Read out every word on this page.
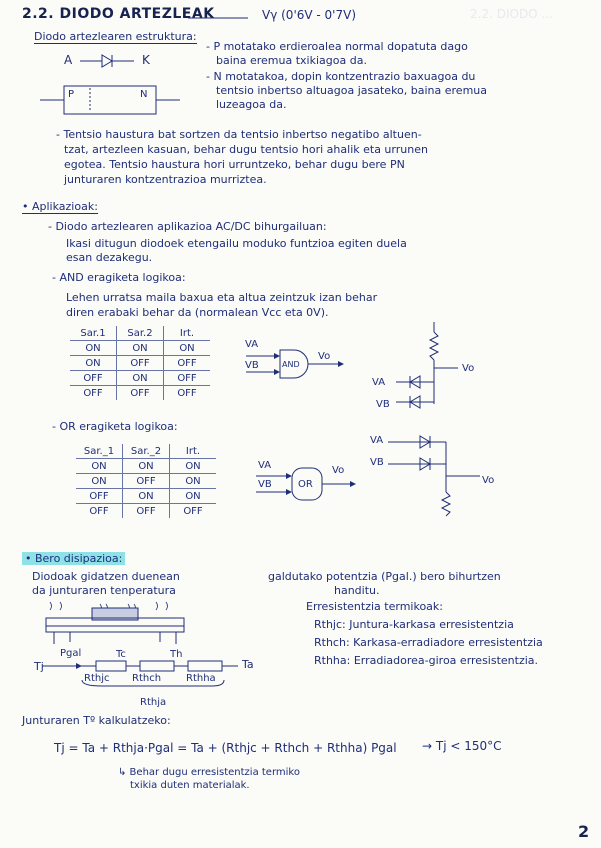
2.2. DIODO ARTEZLEAK	Vγ (0'6V - 0'7V)	2.2. DIODO ...
Diodo artezlearen estruktura:
A	K
P	N
- P motatako erdieroalea normal dopatuta dago
baina eremua txikiagoa da.
- N motatakoa, dopin kontzentrazio baxuagoa du
tentsio inbertso altuagoa jasateko, baina eremua
luzeagoa da.
- Tentsio haustura bat sortzen da tentsio inbertso negatibo altuen-
tzat, artezleen kasuan, behar dugu tentsio hori ahalik eta urrunen
egotea. Tentsio haustura hori urruntzeko, behar dugu bere PN
junturaren kontzentrazioa murriztea.
• Aplikazioak:
- Diodo artezlearen aplikazioa AC/DC bihurgailuan:
Ikasi ditugun diodoek etengailu moduko funtzioa egiten duela
esan dezakegu.
- AND eragiketa logikoa:
Lehen urratsa maila baxua eta altua zeintzuk izan behar
diren erabaki behar da (normalean Vcc eta 0V).
Sar.1	Sar.2	Irt.
ON	ON	ON
ON	OFF	OFF
OFF	ON	OFF
OFF	OFF	OFF
VA
VB	AND
Vo
VA
VB
Vo
- OR eragiketa logikoa:
Sar._1	Sar._2	Irt.
ON	ON	ON
ON	OFF	ON
OFF	ON	ON
OFF	OFF	OFF
VA
VB	OR
Vo
VA
VB
Vo
• Bero disipazioa:
Diodoak gidatzen duenean
da junturaren tenperatura
galdutako potentzia (Pgal.) bero bihurtzen
handitu.
Erresistentzia termikoak:
Rthjc: Juntura-karkasa erresistentzia
Rthch: Karkasa-erradiadore erresistentzia
Rthha: Erradiadorea-giroa erresistentzia.
Tj
Pgal	Tc	Th
Ta
Rthjc Rthch Rthha
Rthja
Junturaren Tº kalkulatzeko:
Tj = Ta + Rthja·Pgal = Ta + (Rthjc + Rthch + Rthha) Pgal → Tj < 150°C
↳ Behar dugu erresistentzia termiko
txikia duten materialak.
2
